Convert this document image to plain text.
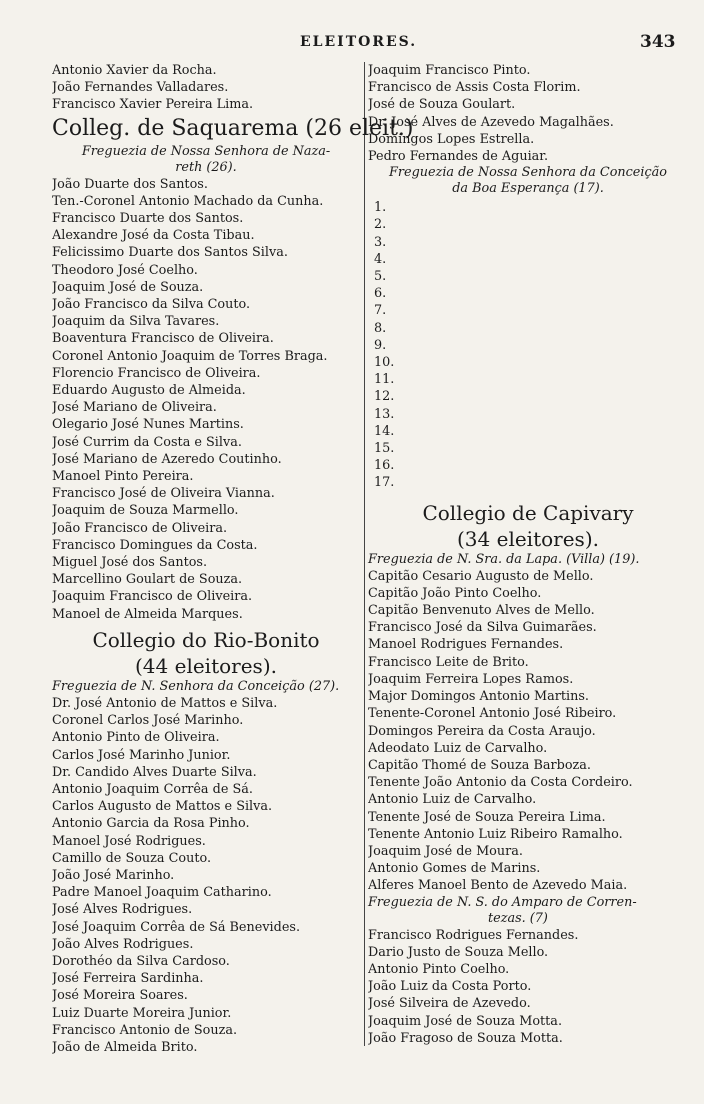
ELEITORES.	343
Antonio Xavier da Rocha.
João Fernandes Valladares.
Francisco Xavier Pereira Lima.
Colleg. de Saquarema (26 eleit.)
Freguezia de Nossa Senhora de Naza-
reth (26).
João Duarte dos Santos.
Ten.-Coronel Antonio Machado da Cunha.
Francisco Duarte dos Santos.
Alexandre José da Costa Tibau.
Felicissimo Duarte dos Santos Silva.
Theodoro José Coelho.
Joaquim José de Souza.
João Francisco da Silva Couto.
Joaquim da Silva Tavares.
Boaventura Francisco de Oliveira.
Coronel Antonio Joaquim de Torres Braga.
Florencio Francisco de Oliveira.
Eduardo Augusto de Almeida.
José Mariano de Oliveira.
Olegario José Nunes Martins.
José Currim da Costa e Silva.
José Mariano de Azeredo Coutinho.
Manoel Pinto Pereira.
Francisco José de Oliveira Vianna.
Joaquim de Souza Marmello.
João Francisco de Oliveira.
Francisco Domingues da Costa.
Miguel José dos Santos.
Marcellino Goulart de Souza.
Joaquim Francisco de Oliveira.
Manoel de Almeida Marques.
Collegio do Rio-Bonito
(44 eleitores).
Freguezia de N. Senhora da Conceição (27).
Dr. José Antonio de Mattos e Silva.
Coronel Carlos José Marinho.
Antonio Pinto de Oliveira.
Carlos José Marinho Junior.
Dr. Candido Alves Duarte Silva.
Antonio Joaquim Corrêa de Sá.
Carlos Augusto de Mattos e Silva.
Antonio Garcia da Rosa Pinho.
Manoel José Rodrigues.
Camillo de Souza Couto.
João José Marinho.
Padre Manoel Joaquim Catharino.
José Alves Rodrigues.
José Joaquim Corrêa de Sá Benevides.
João Alves Rodrigues.
Dorothéo da Silva Cardoso.
José Ferreira Sardinha.
José Moreira Soares.
Luiz Duarte Moreira Junior.
Francisco Antonio de Souza.
João de Almeida Brito.
Joaquim Francisco Pinto.
Francisco de Assis Costa Florim.
José de Souza Goulart.
Dr. José Alves de Azevedo Magalhães.
Domingos Lopes Estrella.
Pedro Fernandes de Aguiar.
Freguezia de Nossa Senhora da Conceição
da Boa Esperança (17).
1.
2.
3.
4.
5.
6.
7.
8.
9.
10.
11.
12.
13.
14.
15.
16.
17.
Collegio de Capivary
(34 eleitores).
Freguezia de N. Sra. da Lapa. (Villa) (19).
Capitão Cesario Augusto de Mello.
Capitão João Pinto Coelho.
Capitão Benvenuto Alves de Mello.
Francisco José da Silva Guimarães.
Manoel Rodrigues Fernandes.
Francisco Leite de Brito.
Joaquim Ferreira Lopes Ramos.
Major Domingos Antonio Martins.
Tenente-Coronel Antonio José Ribeiro.
Domingos Pereira da Costa Araujo.
Adeodato Luiz de Carvalho.
Capitão Thomé de Souza Barboza.
Tenente João Antonio da Costa Cordeiro.
Antonio Luiz de Carvalho.
Tenente José de Souza Pereira Lima.
Tenente Antonio Luiz Ribeiro Ramalho.
Joaquim José de Moura.
Antonio Gomes de Marins.
Alferes Manoel Bento de Azevedo Maia.
Freguezia de N. S. do Amparo de Corren-
tezas. (7)
Francisco Rodrigues Fernandes.
Dario Justo de Souza Mello.
Antonio Pinto Coelho.
João Luiz da Costa Porto.
José Silveira de Azevedo.
Joaquim José de Souza Motta.
João Fragoso de Souza Motta.
